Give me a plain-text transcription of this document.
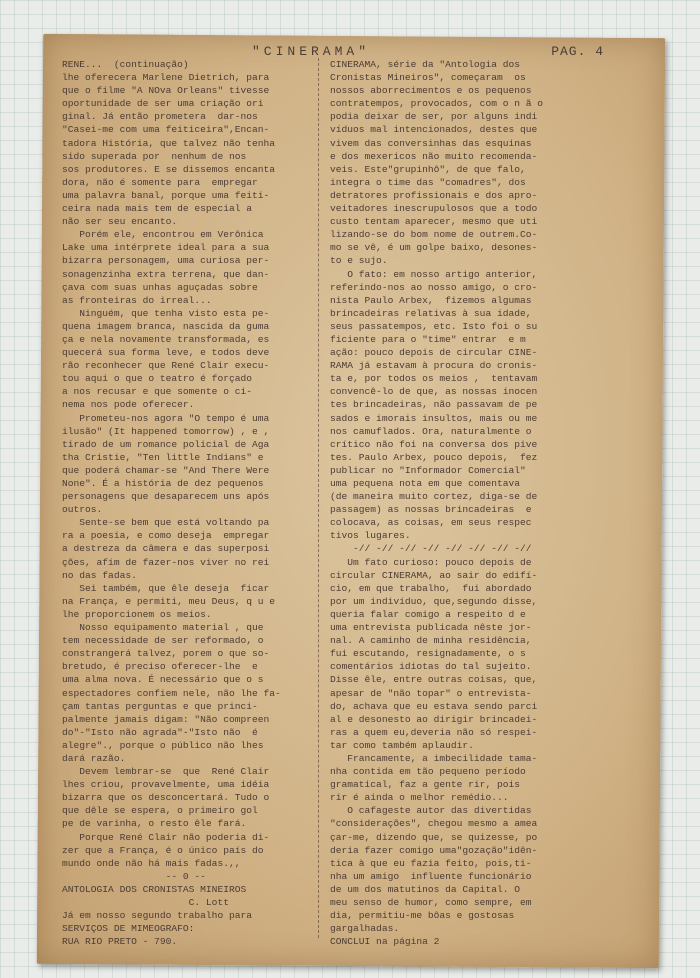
"CINERAMA"	PAG. 4
RENE...  (continuação)
lhe oferecera Marlene Dietrich, para
que o filme "A NOva Orleans" tivesse
oportunidade de ser uma criação ori
ginal. Já então prometera  dar-nos
"Casei-me com uma feiticeira",Encan-
tadora História, que talvez não tenha
sido superada por  nenhum de nos
sos produtores. E se dissemos encanta
dora, não é somente para  empregar
uma palavra banal, porque uma feiti-
ceira nada mais tem de especial a
não ser seu encanto.
Porém ele, encontrou em Verônica
Lake uma intérprete ideal para a sua
bizarra personagem, uma curiosa per-
sonagenzinha extra terrena, que dan-
çava com suas unhas aguçadas sobre
as fronteiras do irreal...
Ninguém, que tenha visto esta pe-
quena imagem branca, nascida da guma
ça e nela novamente transformada, es
quecerá sua forma leve, e todos deve
rão reconhecer que René Clair execu-
tou aqui o que o teatro é forçado
a nos recusar e que somente o ci-
nema nos pode oferecer.
Prometeu-nos agora "O tempo é uma
ilusão" (It happened tomorrow) , e ,
tirado de um romance policial de Aga
tha Cristie, "Ten little Indians" e
que poderá chamar-se "And There Were
None". É a história de dez pequenos
personagens que desaparecem uns após
outros.
Sente-se bem que está voltando pa
ra a poesia, e como deseja  empregar
a destreza da câmera e das superposi
ções, afim de fazer-nos viver no rei
no das fadas.
Sei também, que êle deseja  ficar
na França, e permiti, meu Deus, q u e
lhe proporcionem os meios.
Nosso equipamento material , que
tem necessidade de ser reformado, o
constrangerá talvez, porem o que so-
bretudo, é preciso oferecer-lhe  e
uma alma nova. É necessário que o s
espectadores confiem nele, não lhe fa-
çam tantas perguntas e que princi-
palmente jamais digam: "Não compreen
do"-"Isto não agrada"-"Isto não  é
alegre"., porque o público não lhes
dará razão.
Devem lembrar-se  que  René Clair
lhes criou, provavelmente, uma idéia
bizarra que os desconcertará. Tudo o
que dêle se espera, o primeiro gol
pe de varinha, o resto êle fará.
Porque René Clair não poderia di-
zer que a França, é o único país do
mundo onde não há mais fadas.,,
-- 0 --
ANTOLOGIA DOS CRONISTAS MINEIROS
C. Lott
Já em nosso segundo trabalho para
SERVIÇOS DE MIMEOGRAFO:
RUA RIO PRETO - 790.
CINERAMA, série da "Antologia dos
Cronistas Mineiros", começaram  os
nossos aborrecimentos e os pequenos
contratempos, provocados, com o n ã o
podia deixar de ser, por alguns indi
víduos mal intencionados, destes que
vivem das conversinhas das esquinas
e dos mexericos não muito recomenda-
veis. Este"grupinhô", de que falo,
integra o time das "comadres", dos
detratores profissionais e dos apro-
veitadores inescrupulosos que a todo
custo tentam aparecer, mesmo que uti
lizando-se do bom nome de outrem.Co-
mo se vê, é um golpe baixo, desones-
to e sujo.
O fato: em nosso artigo anterior,
referindo-nos ao nosso amigo, o cro-
nista Paulo Arbex,  fizemos algumas
brincadeiras relativas à sua idade,
seus passatempos, etc. Isto foi o su
ficiente para o "time" entrar  e m
ação: pouco depois de circular CINE-
RAMA já estavam à procura do cronis-
ta e, por todos os meios ,  tentavam
convencê-lo de que, as nossas inocen
tes brincadeiras, não passavam de pe
sados e imorais insultos, mais ou me
nos camuflados. Ora, naturalmente o
crítico não foi na conversa dos pive
tes. Paulo Arbex, pouco depois,  fez
publicar no "Informador Comercial"
uma pequena nota em que comentava
(de maneira muito cortez, diga-se de
passagem) as nossas brincadeiras  e
colocava, as coisas, em seus respec
tivos lugares.
-// -// -// -// -// -// -// -//
Um fato curioso: pouco depois de
circular CINERAMA, ao sair do edifí-
cio, em que trabalho,  fui abordado
por um indivíduo, que,segundo disse,
queria falar comigo a respeito d e
uma entrevista publicada nêste jor-
nal. A caminho de minha residência,
fui escutando, resignadamente, o s
comentários idiotas do tal sujeito.
Disse êle, entre outras coisas, que,
apesar de "não topar" o entrevista-
do, achava que eu estava sendo parci
al e desonesto ao dirigir brincadei-
ras a quem eu,deveria não só respei-
tar como também aplaudir.
Francamente, a imbecilidade tama-
nha contida em tão pequeno período
gramatical, faz a gente rir, pois
rir é ainda o melhor remédio...
O cafagestе autor das divertidas
"considerações", chegou mesmo a amea
çar-me, dizendo que, se quizesse, po
deria fazer comigo uma"gozação"idên-
tica à que eu fazia feito, pois,ti-
nha um amigo  influente funcionário
de um dos matutinos da Capital. O
meu senso de humor, como sempre, em
dia, permitiu-me bôas e gostosas
gargalhadas.
CONCLUI na página 2
